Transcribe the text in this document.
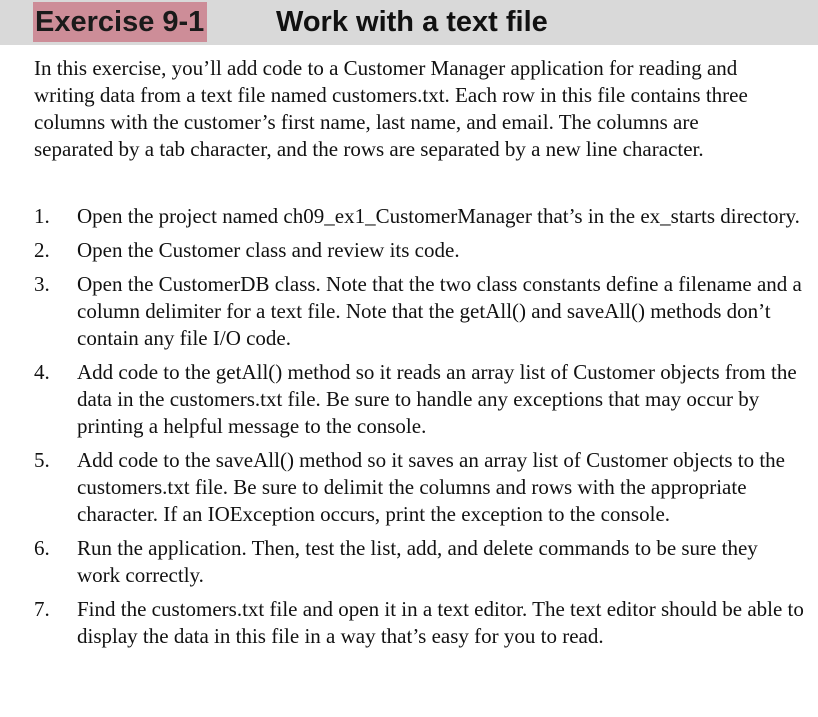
Exercise 9-1 Work with a text file

In this exercise, you’ll add code to a Customer Manager application for reading and writing data from a text file named customers.txt. Each row in this file contains three columns with the customer’s first name, last name, and email. The columns are separated by a tab character, and the rows are separated by a new line character.

1.	Open the project named ch09_ex1_CustomerManager that’s in the ex_starts directory.
2.	Open the Customer class and review its code.
3.	Open the CustomerDB class. Note that the two class constants define a filename and a column delimiter for a text file. Note that the getAll() and saveAll() methods don’t contain any file I/O code.
4.	Add code to the getAll() method so it reads an array list of Customer objects from the data in the customers.txt file. Be sure to handle any exceptions that may occur by printing a helpful message to the console.
5.	Add code to the saveAll() method so it saves an array list of Customer objects to the customers.txt file. Be sure to delimit the columns and rows with the appropriate character. If an IOException occurs, print the exception to the console.
6.	Run the application. Then, test the list, add, and delete commands to be sure they work correctly.
7.	Find the customers.txt file and open it in a text editor. The text editor should be able to display the data in this file in a way that’s easy for you to read.
